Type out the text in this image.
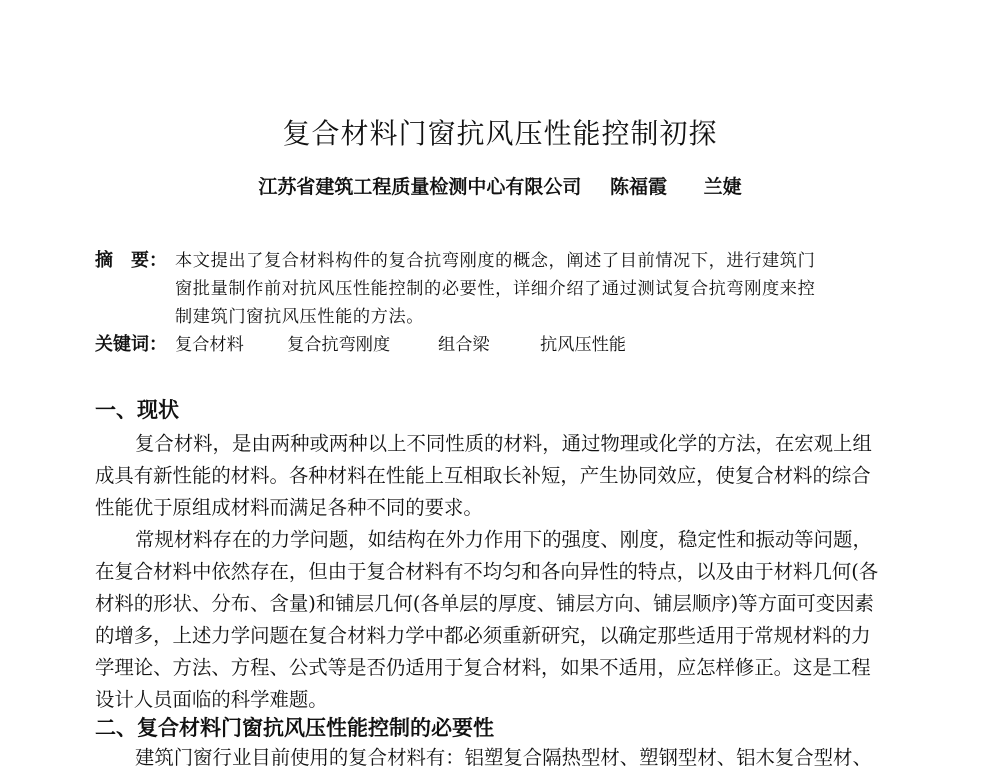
复合材料门窗抗风压性能控制初探
江苏省建筑工程质量检测中心有限公司 陈福霞 兰婕
摘　要： 本文提出了复合材料构件的复合抗弯刚度的概念，阐述了目前情况下，进行建筑门
窗批量制作前对抗风压性能控制的必要性，详细介绍了通过测试复合抗弯刚度来控
制建筑门窗抗风压性能的方法。
关键词： 复合材料	复合抗弯刚度	组合梁	抗风压性能
一、现状
复合材料，是由两种或两种以上不同性质的材料，通过物理或化学的方法，在宏观上组
成具有新性能的材料。各种材料在性能上互相取长补短，产生协同效应，使复合材料的综合
性能优于原组成材料而满足各种不同的要求。
常规材料存在的力学问题，如结构在外力作用下的强度、刚度，稳定性和振动等问题，
在复合材料中依然存在，但由于复合材料有不均匀和各向异性的特点，以及由于材料几何(各
材料的形状、分布、含量)和铺层几何(各单层的厚度、铺层方向、铺层顺序)等方面可变因素
的增多，上述力学问题在复合材料力学中都必须重新研究，以确定那些适用于常规材料的力
学理论、方法、方程、公式等是否仍适用于复合材料，如果不适用，应怎样修正。这是工程
设计人员面临的科学难题。
二、复合材料门窗抗风压性能控制的必要性
建筑门窗行业目前使用的复合材料有：铝塑复合隔热型材、塑钢型材、铝木复合型材、
